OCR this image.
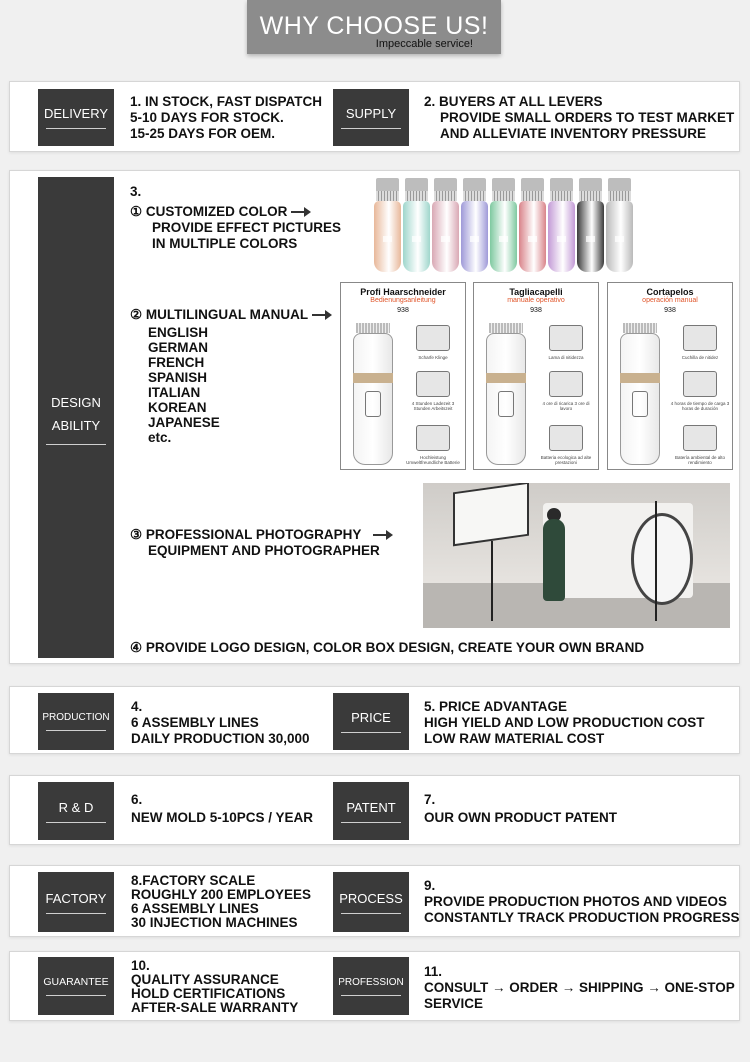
WHY CHOOSE US!
Impeccable service!
DELIVERY
1. IN STOCK, FAST DISPATCH
5-10 DAYS FOR STOCK.
15-25 DAYS FOR OEM.
SUPPLY
2. BUYERS AT ALL LEVERS
PROVIDE SMALL ORDERS TO TEST MARKET
AND ALLEVIATE INVENTORY PRESSURE
DESIGN
ABILITY
3.
① CUSTOMIZED COLOR
PROVIDE EFFECT PICTURES
IN MULTIPLE COLORS
② MULTILINGUAL MANUAL
ENGLISH
GERMAN
FRENCH
SPANISH
ITALIAN
KOREAN
JAPANESE
etc.
③ PROFESSIONAL PHOTOGRAPHY
EQUIPMENT AND PHOTOGRAPHER
④ PROVIDE LOGO DESIGN, COLOR BOX DESIGN, CREATE YOUR OWN BRAND
Profi Haarschneider
Bedienungsanleitung
938
Scharfe Klinge
4 Stunden Ladezeit 3 Stunden Arbeitszeit
Hochleistung Umweltfreundliche Batterie
Tagliacapelli
manuale operativo
938
Lama di nitidezza
4 ore di ricarica 3 ore di lavoro
Batteria ecologica ad alte prestazioni
Cortapelos
operación manual
938
Cuchilla de nitidez
4 horas de tiempo de carga 3 horas de duración
Batería ambiental de alto rendimiento
PRODUCTION
4.
6 ASSEMBLY LINES
DAILY PRODUCTION 30,000
PRICE
5. PRICE ADVANTAGE
HIGH YIELD AND LOW PRODUCTION COST
LOW RAW MATERIAL COST
R & D	6.
NEW MOLD 5-10PCS / YEAR
PATENT 7.
OUR OWN PRODUCT PATENT
FACTORY
8.FACTORY SCALE
ROUGHLY 200 EMPLOYEES
6 ASSEMBLY LINES
30 INJECTION MACHINES
PROCESS
9.
PROVIDE PRODUCTION PHOTOS AND VIDEOS
CONSTANTLY TRACK PRODUCTION PROGRESS
GUARANTEE
10.
QUALITY ASSURANCE
HOLD CERTIFICATIONS
AFTER-SALE WARRANTY
PROFESSION
11.
CONSULT → ORDER → SHIPPING → ONE-STOP
SERVICE
